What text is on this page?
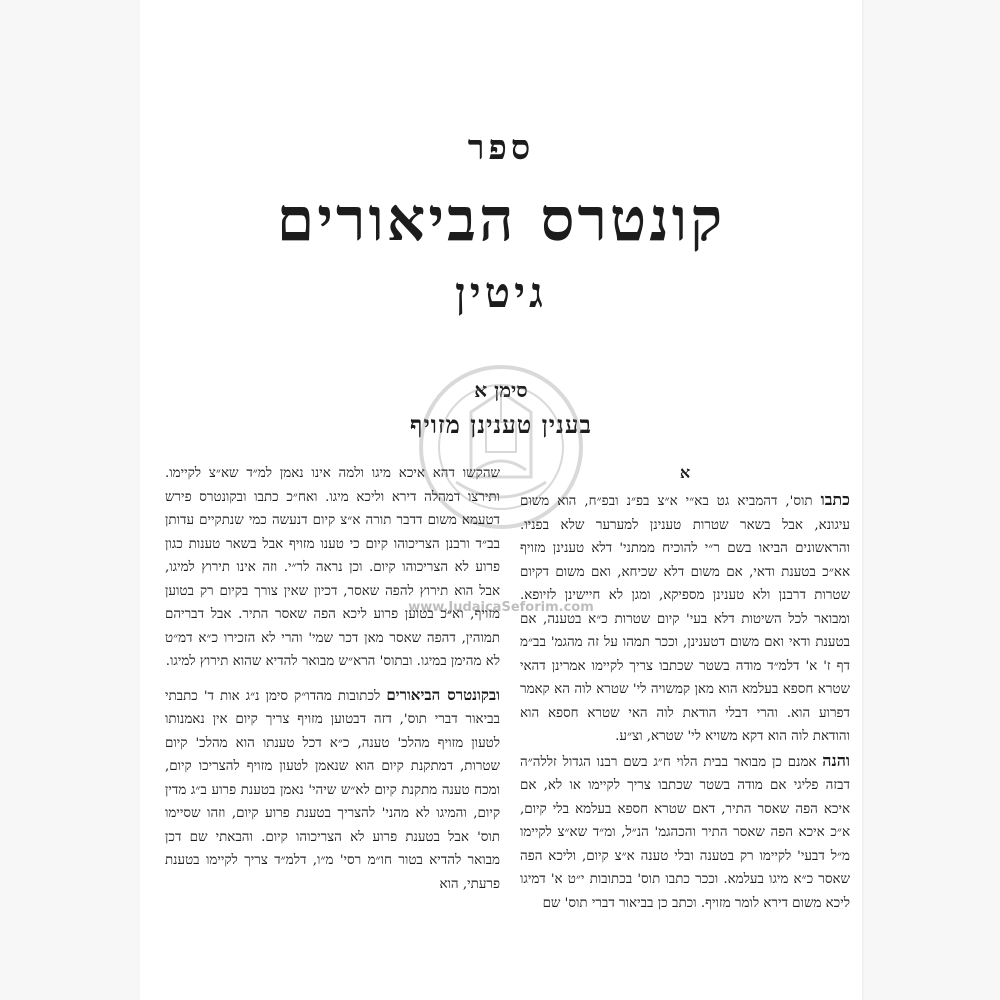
ספר
קונטרס הביאורים
גיטין
סימן א
בענין טענינן מזויף
www.JudaicaSeforim.com
א

כתבו תוס', דהמביא גט בא״י א״צ בפ״נ ובפ״ח, הוא משום עיגונא, אבל בשאר שטרות טענינן למערער שלא בפניו. והראשונים הביאו בשם ר״י להוכיח ממתני' דלא טענינן מזויף אא״כ בטענת ודאי, אם משום דלא שכיחא, ואם משום דקיום שטרות דרבנן ולא טענינן מספיקא, ומגן לא חיישינן לזיופא. ומבואר לכל השיטות דלא בעי' קיום שטרות כ״א בטענה, אם בטענת ודאי ואם משום דטענינן, וככר תמהו על זה מהגמ' בב״מ דף ז' א' דלמ״ד מודה בשטר שכתבו צריך לקיימו אמרינן דהאי שטרא חספא בעלמא הוא מאן קמשויה לי' שטרא לוה הא קאמר דפרוע הוא. והרי דבלי הודאת לוה האי שטרא חספא הוא והודאת לוה הוא דקא משויא לי' שטרא, וצ״ע.

והנה אמנם כן מבואר בבית הלוי ח״ג בשם רבנו הגדול זללה״ה דבזה פליגי אם מודה בשטר שכתבו צריך לקיימו או לא, אם איכא הפה שאסר התיר, דאם שטרא חספא בעלמא בלי קיום, א״כ איכא הפה שאסר התיר והכהגמ' הנ״ל, ומ״ד שא״צ לקיימו מ״ל דבעי' לקיימו רק בטענה ובלי טענה א״צ קיום, וליכא הפה שאסר כ״א מיגו בעלמא. וככר כתבו תוס' בכתובות י״ט א' דמיגו ליכא משום דירא לומר מזויף. וכתב כן בביאור דברי תוס' שם

שהקשו דהא איכא מיגו ולמה אינו נאמן למ״ד שא״צ לקיימו. ותירצו דמהלה דירא וליכא מיגו. ואח״כ כתבו ובקונטרס פירש דטעמא משום דדבר תורה א״צ קיום דנעשה כמי שנתקיים עדותן בב״ד ורבנן הצריכוהו קיום כי טענו מזויף אבל בשאר טענות כגון פרוע לא הצריכוהו קיום. וכן נראה לר״י. וזה אינו תירוץ למיגו, אבל הוא תירוץ להפה שאסר, דכיון שאין צורך בקיום רק בטוען מזויף, וא״כ בטוען פרוע ליכא הפה שאסר התיר. אבל דבריהם תמוהין, דהפה שאסר מאן דכר שמי' והרי לא הזכירו כ״א דמ״ט לא מהימן במיגו. ובתוס' הרא״ש מבואר להדיא שהוא תירוץ למיגו.

ובקונטרס הביאורים לכתובות מהדו״ק סימן נ״ג אות ד' כתבתי בביאור דברי תוס', דזה דבטוען מזויף צריך קיום אין נאמנותו לטעון מזויף מהלכ' טענה, כ״א דכל טענתו הוא מהלכ' קיום שטרות, דמתקנת קיום הוא שנאמן לטעון מזויף להצריכו קיום, ומכח טענה מתקנת קיום לא״ש שיהי' נאמן בטענת פרוע ב״ג מדין קיום, והמיגו לא מהני' להצריך בטענת פרוע קיום, וזהו שסיימו תוס' אבל בטענת פרוע לא הצריכוהו קיום. והבאתי שם דכן מבואר להדיא בטור חו״מ רסי' מ״ו, דלמ״ד צריך לקיימו בטענת פרעתי, הוא
